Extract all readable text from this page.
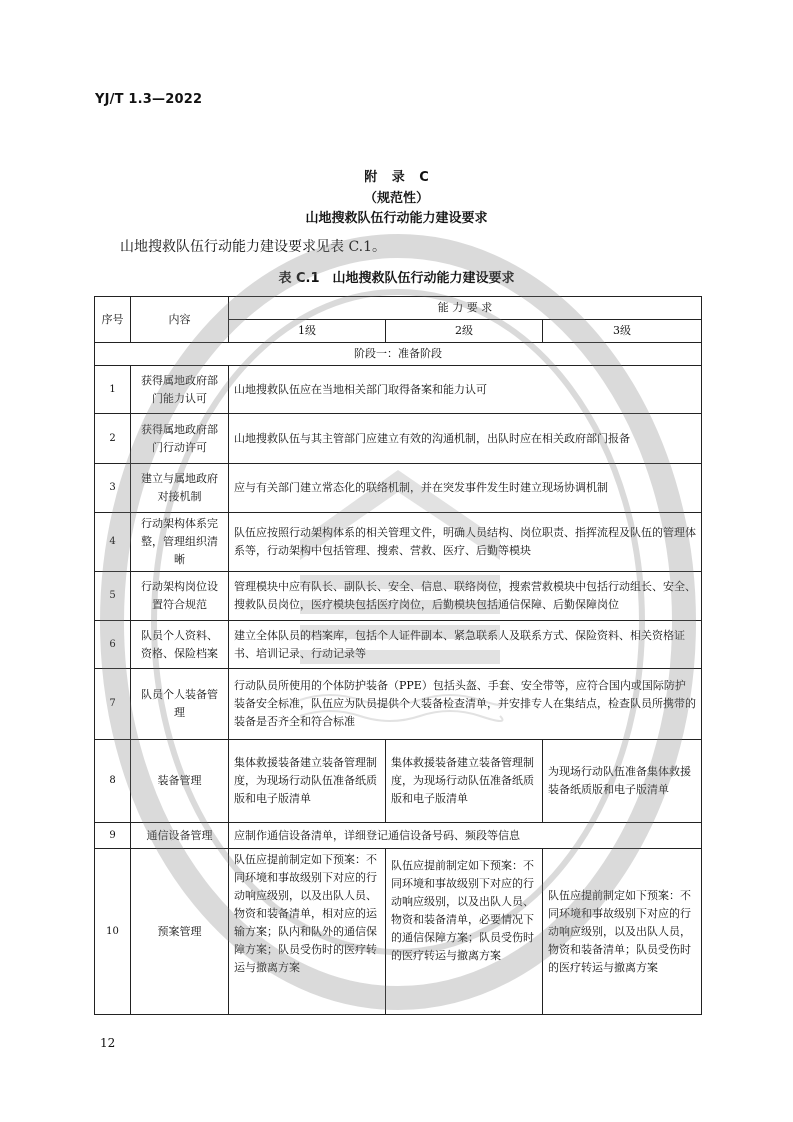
YJ/T 1.3—2022
附 录 C
（规范性）
山地搜救队伍行动能力建设要求
山地搜救队伍行动能力建设要求见表 C.1。
表 C.1　山地搜救队伍行动能力建设要求
序号	内容	能 力 要 求		
		1级	2级	3级
阶段一：准备阶段				
1	获得属地政府部门能力认可	山地搜救队伍应在当地相关部门取得备案和能力认可		
2	获得属地政府部门行动许可	山地搜救队伍与其主管部门应建立有效的沟通机制，出队时应在相关政府部门报备		
3	建立与属地政府对接机制	应与有关部门建立常态化的联络机制，并在突发事件发生时建立现场协调机制		
4	行动架构体系完整，管理组织清晰	队伍应按照行动架构体系的相关管理文件，明确人员结构、岗位职责、指挥流程及队伍的管理体系等，行动架构中包括管理、搜索、营救、医疗、后勤等模块		
5	行动架构岗位设置符合规范	管理模块中应有队长、副队长、安全、信息、联络岗位，搜索营救模块中包括行动组长、安全、搜救队员岗位，医疗模块包括医疗岗位，后勤模块包括通信保障、后勤保障岗位		
6	队员个人资料、资格、保险档案	建立全体队员的档案库，包括个人证件副本、紧急联系人及联系方式、保险资料、相关资格证书、培训记录、行动记录等		
7	队员个人装备管理	行动队员所使用的个体防护装备（PPE）包括头盔、手套、安全带等，应符合国内或国际防护装备安全标准，队伍应为队员提供个人装备检查清单，并安排专人在集结点，检查队员所携带的装备是否齐全和符合标准		
8	装备管理	集体救援装备建立装备管理制度，为现场行动队伍准备纸质版和电子版清单	集体救援装备建立装备管理制度，为现场行动队伍准备纸质版和电子版清单	为现场行动队伍准备集体救援装备纸质版和电子版清单
9	通信设备管理	应制作通信设备清单，详细登记通信设备号码、频段等信息		
10	预案管理	队伍应提前制定如下预案：不同环境和事故级别下对应的行动响应级别，以及出队人员、物资和装备清单，相对应的运输方案；队内和队外的通信保障方案；队员受伤时的医疗转运与撤离方案	队伍应提前制定如下预案：不同环境和事故级别下对应的行动响应级别，以及出队人员、物资和装备清单，必要情况下的通信保障方案；队员受伤时的医疗转运与撤离方案	队伍应提前制定如下预案：不同环境和事故级别下对应的行动响应级别，以及出队人员，物资和装备清单；队员受伤时的医疗转运与撤离方案
12
